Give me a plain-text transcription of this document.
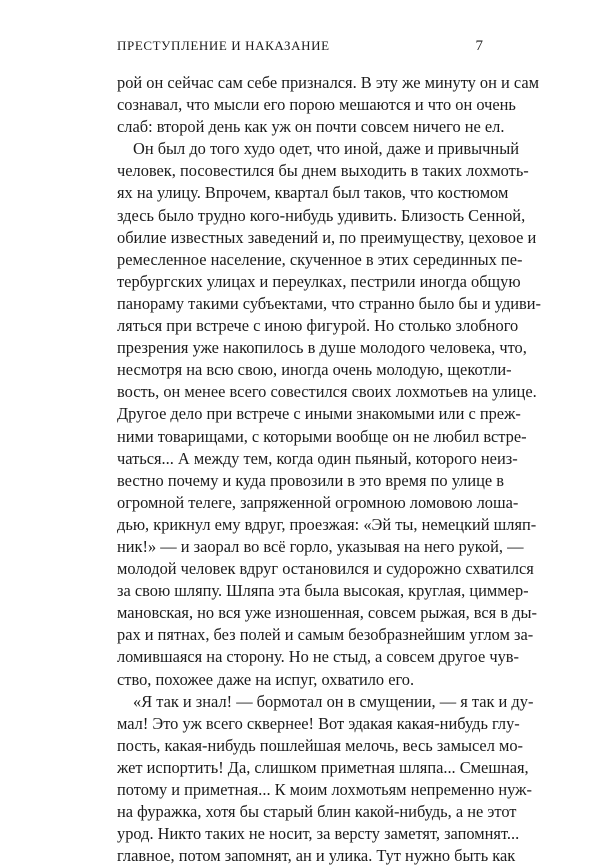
ПРЕСТУПЛЕНИЕ И НАКАЗАНИЕ	7
рой он сейчас сам себе признался. В эту же минуту он и сам
сознавал, что мысли его порою мешаются и что он очень
слаб: второй день как уж он почти совсем ничего не ел.
Он был до того худо одет, что иной, даже и привычный
человек, посовестился бы днем выходить в таких лохмоть-
ях на улицу. Впрочем, квартал был таков, что костюмом
здесь было трудно кого-нибудь удивить. Близость Сенной,
обилие известных заведений и, по преимуществу, цеховое и
ремесленное население, скученное в этих серединных пе-
тербургских улицах и переулках, пестрили иногда общую
панораму такими субъектами, что странно было бы и удиви-
ляться при встрече с иною фигурой. Но столько злобного
презрения уже накопилось в душе молодого человека, что,
несмотря на всю свою, иногда очень молодую, щекотли-
вость, он менее всего совестился своих лохмотьев на улице.
Другое дело при встрече с иными знакомыми или с преж-
ними товарищами, с которыми вообще он не любил встре-
чаться... А между тем, когда один пьяный, которого неиз-
вестно почему и куда провозили в это время по улице в
огромной телеге, запряженной огромною ломовою лоша-
дью, крикнул ему вдруг, проезжая: «Эй ты, немецкий шляп-
ник!» — и заорал во всё горло, указывая на него рукой, —
молодой человек вдруг остановился и судорожно схватился
за свою шляпу. Шляпа эта была высокая, круглая, циммер-
мановская, но вся уже изношенная, совсем рыжая, вся в ды-
рах и пятнах, без полей и самым безобразнейшим углом за-
ломившаяся на сторону. Но не стыд, а совсем другое чув-
ство, похожее даже на испуг, охватило его.
«Я так и знал! — бормотал он в смущении, — я так и ду-
мал! Это уж всего сквернее! Вот эдакая какая-нибудь глу-
пость, какая-нибудь пошлейшая мелочь, весь замысел мо-
жет испортить! Да, слишком приметная шляпа... Смешная,
потому и приметная... К моим лохмотьям непременно нуж-
на фуражка, хотя бы старый блин какой-нибудь, а не этот
урод. Никто таких не носит, за версту заметят, запомнят...
главное, потом запомнят, ан и улика. Тут нужно быть как
